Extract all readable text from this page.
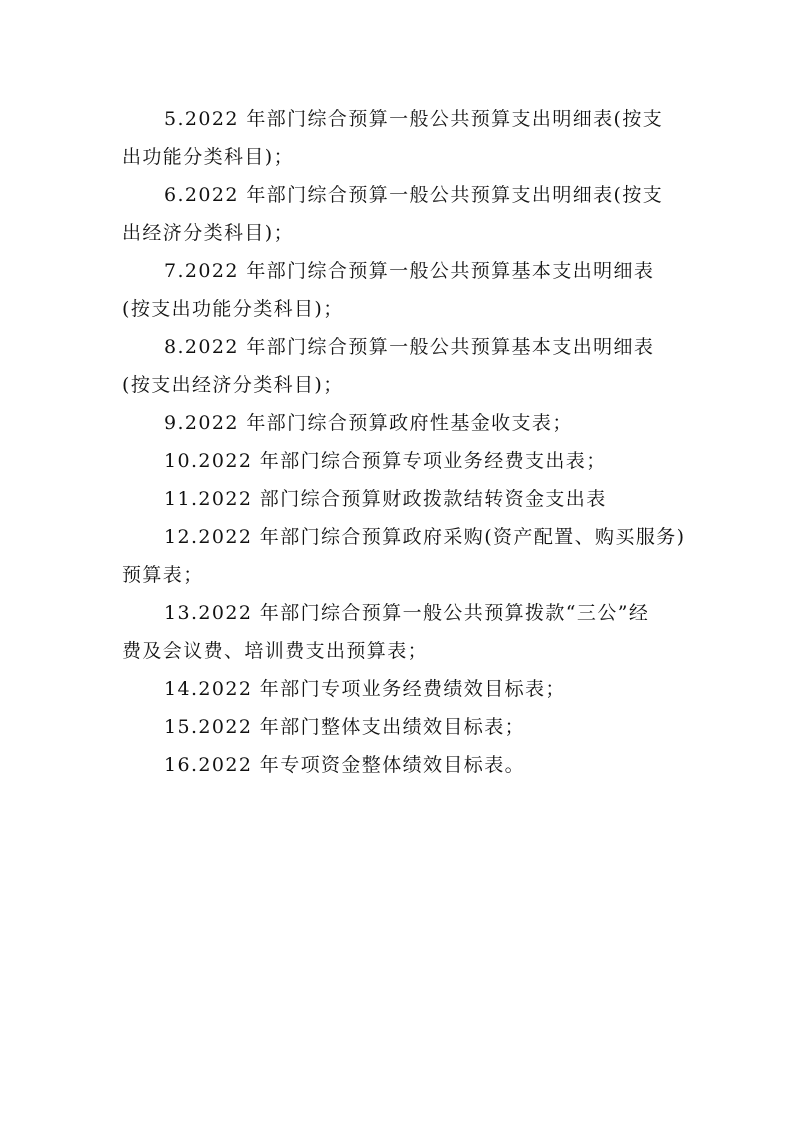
5.2022 年部门综合预算一般公共预算支出明细表(按支
出功能分类科目)；
6.2022 年部门综合预算一般公共预算支出明细表(按支
出经济分类科目)；
7.2022 年部门综合预算一般公共预算基本支出明细表
(按支出功能分类科目)；
8.2022 年部门综合预算一般公共预算基本支出明细表
(按支出经济分类科目)；
9.2022 年部门综合预算政府性基金收支表；
10.2022 年部门综合预算专项业务经费支出表；
11.2022 部门综合预算财政拨款结转资金支出表
12.2022 年部门综合预算政府采购(资产配置、购买服务)
预算表；
13.2022 年部门综合预算一般公共预算拨款“三公”经
费及会议费、培训费支出预算表；
14.2022 年部门专项业务经费绩效目标表；
15.2022 年部门整体支出绩效目标表；
16.2022 年专项资金整体绩效目标表。
